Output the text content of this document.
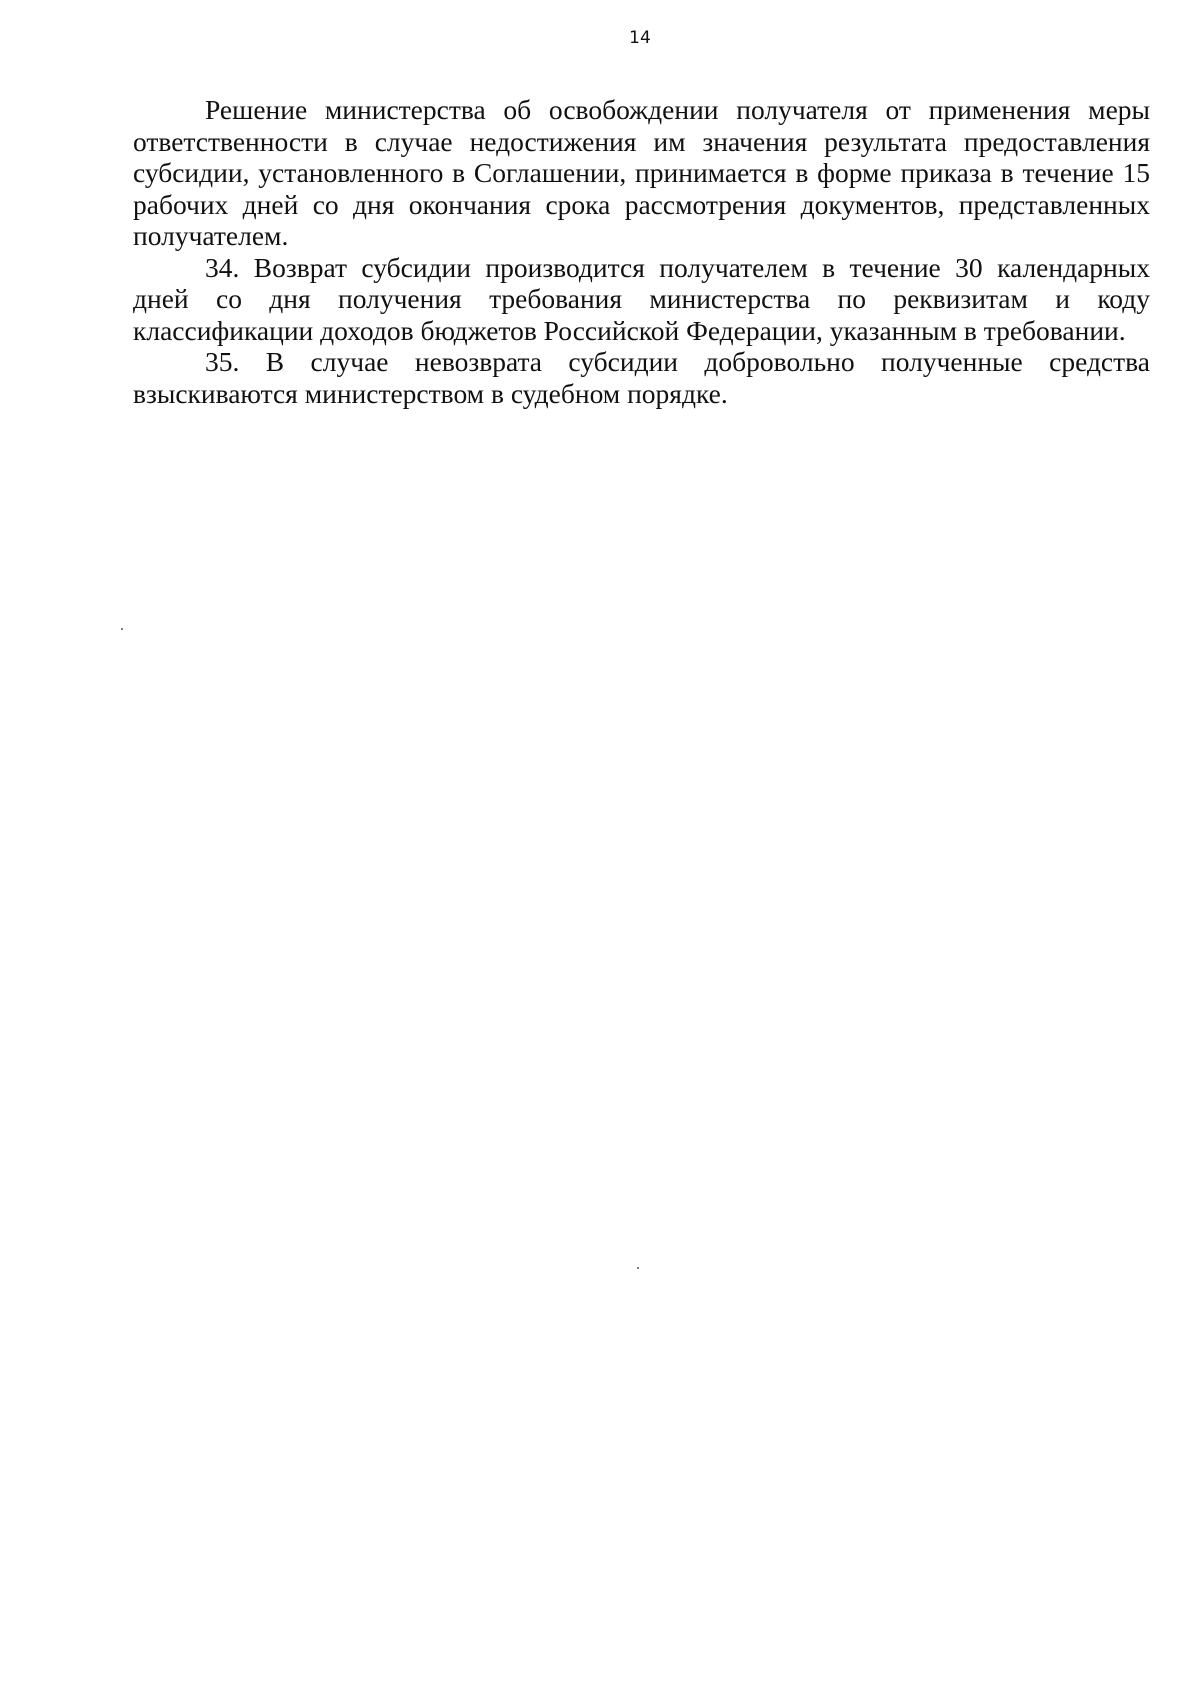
14

Решение министерства об освобождении получателя от применения меры ответственности в случае недостижения им значения результата предоставления субсидии, установленного в Соглашении, принимается в форме приказа в течение 15 рабочих дней со дня окончания срока рассмотрения документов, представленных получателем.

34. Возврат субсидии производится получателем в течение 30 календарных дней со дня получения требования министерства по реквизитам и коду классификации доходов бюджетов Российской Федерации, указанным в требовании.

35. В случае невозврата субсидии добровольно полученные средства взыскиваются министерством в судебном порядке.
